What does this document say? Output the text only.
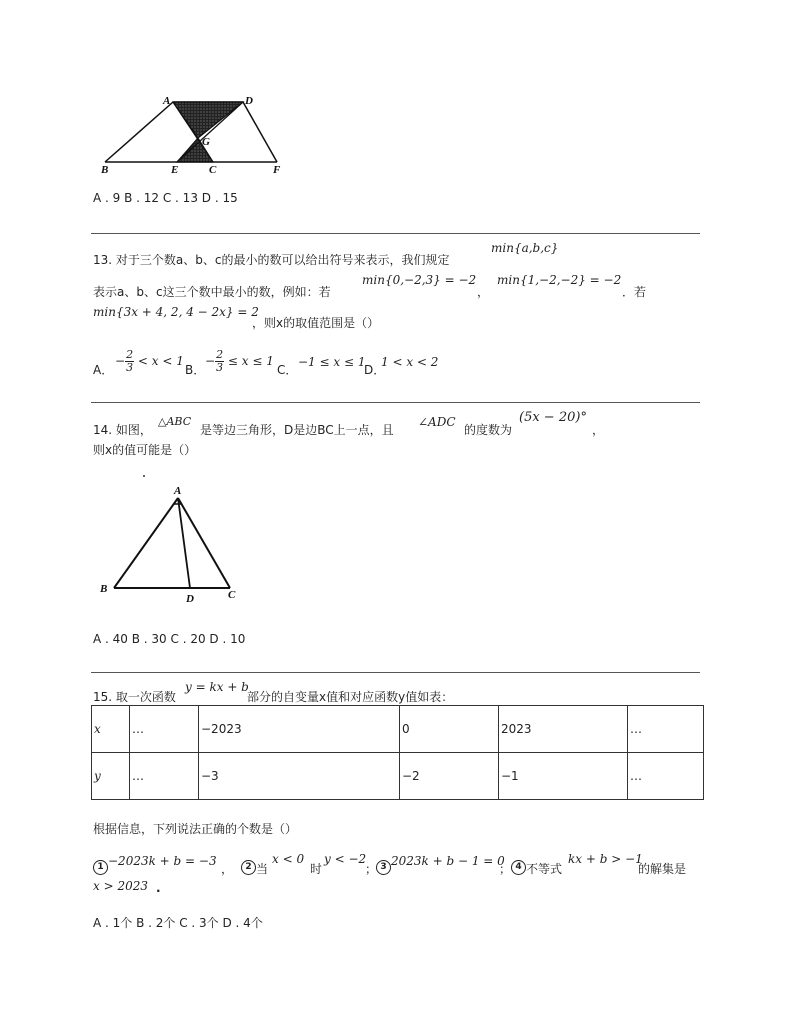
A	D
G
B	E	C	F
A . 9 B . 12 C . 13 D . 15
13. 对于三个数a、b、c的最小的数可以给出符号来表示，我们规定
min{a,b,c}
表示a、b、c这三个数中最小的数，例如：若
min{0,−2,3} = −2
，
min{1,−2,−2} = −2
．若
min{3x + 4, 2, 4 − 2x} = 2
，则x的取值范围是（）
A．
− $\frac{2}{3} < x < 1$
B．
− $\frac{2}{3} \le x \le 1$
C．
−1 ≤ x ≤ 1
D．
1 < x < 2
14. 如图，
△ABC
是等边三角形，D是边BC上一点，且
∠ADC
的度数为
(5x − 20)°
，
则x的值可能是（）
A
B
D	C
A . 40 B . 30 C . 20 D . 10
15. 取一次函数
y = kx + b
部分的自变量x值和对应函数y值如表：
x	…	−2023	0	2023	…
y	…	−3	−2	−1	…
根据信息，下列说法正确的个数是（）
1 −2023k + b = −3
，	2 当
x < 0
时
y < −2
； 3 2023k + b − 1 = 0
； 4 不等式
kx + b > −1
的解集是
x > 2023 .
A . 1个 B . 2个 C . 3个 D . 4个
